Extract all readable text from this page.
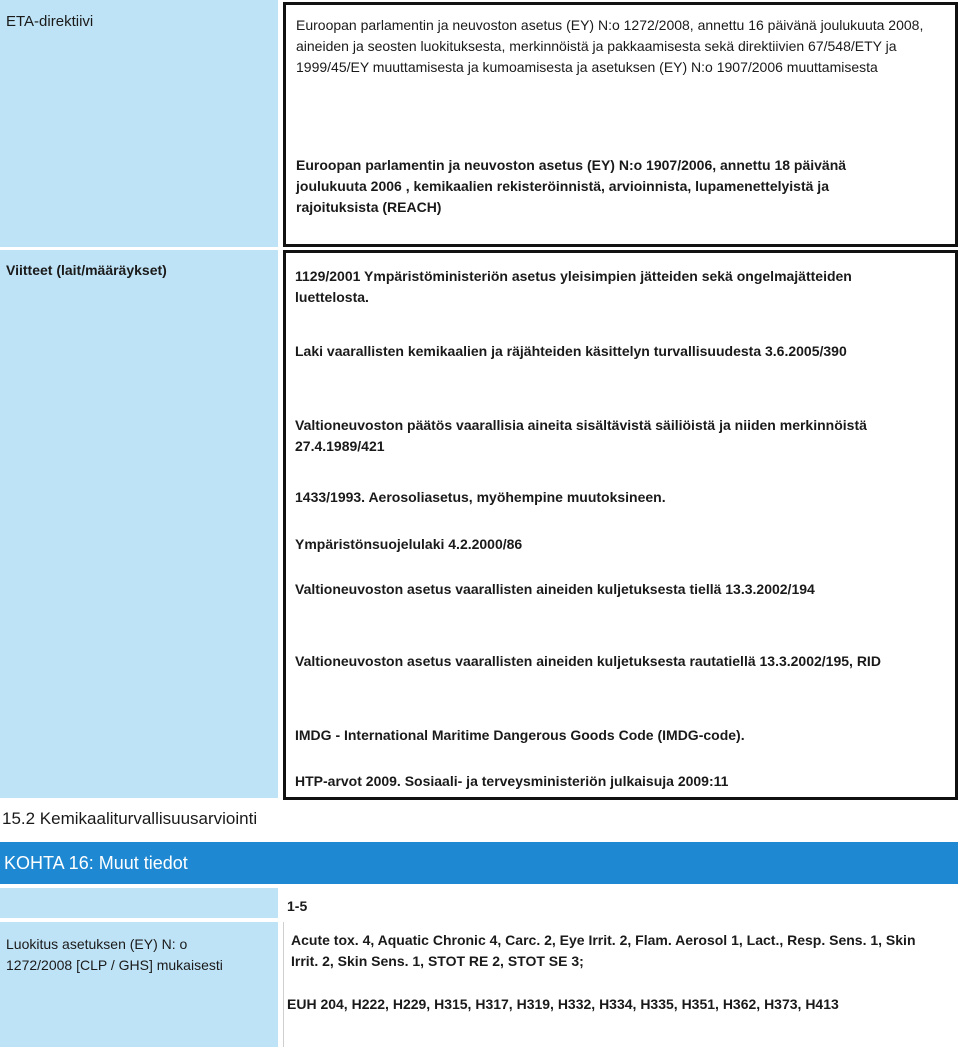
ETA-direktiivi
Viitteet (lait/määräykset)
Euroopan parlamentin ja neuvoston asetus (EY) N:o 1272/2008, annettu 16 päivänä joulukuuta 2008, aineiden ja seosten luokituksesta, merkinnöistä ja pakkaamisesta sekä direktiivien 67/548/ETY ja 1999/45/EY muuttamisesta ja kumoamisesta ja asetuksen (EY) N:o 1907/2006 muuttamisesta
Euroopan parlamentin ja neuvoston asetus (EY) N:o 1907/2006, annettu 18 päivänä joulukuuta 2006 , kemikaalien rekisteröinnistä, arvioinnista, lupamenettelyistä ja rajoituksista (REACH)
1129/2001 Ympäristöministeriön asetus yleisimpien jätteiden sekä ongelmajätteiden luettelosta.
Laki vaarallisten kemikaalien ja räjähteiden käsittelyn turvallisuudesta 3.6.2005/390
Valtioneuvoston päätös vaarallisia aineita sisältävistä säiliöistä ja niiden merkinnöistä 27.4.1989/421
1433/1993. Aerosoliasetus, myöhempine muutoksineen.
Ympäristönsuojelulaki 4.2.2000/86
Valtioneuvoston asetus vaarallisten aineiden kuljetuksesta tiellä 13.3.2002/194
Valtioneuvoston asetus vaarallisten aineiden kuljetuksesta rautatiellä 13.3.2002/195, RID
IMDG - International Maritime Dangerous Goods Code (IMDG-code).
HTP-arvot 2009. Sosiaali- ja terveysministeriön julkaisuja 2009:11
15.2 Kemikaaliturvallisuusarviointi
KOHTA 16: Muut tiedot
1-5
Luokitus asetuksen (EY) N: o 1272/2008 [CLP / GHS] mukaisesti
Acute tox. 4, Aquatic Chronic 4, Carc. 2, Eye Irrit. 2, Flam. Aerosol 1, Lact., Resp. Sens. 1, Skin Irrit. 2, Skin Sens. 1, STOT RE 2, STOT SE 3;
EUH 204, H222, H229, H315, H317, H319, H332, H334, H335, H351, H362, H373, H413
